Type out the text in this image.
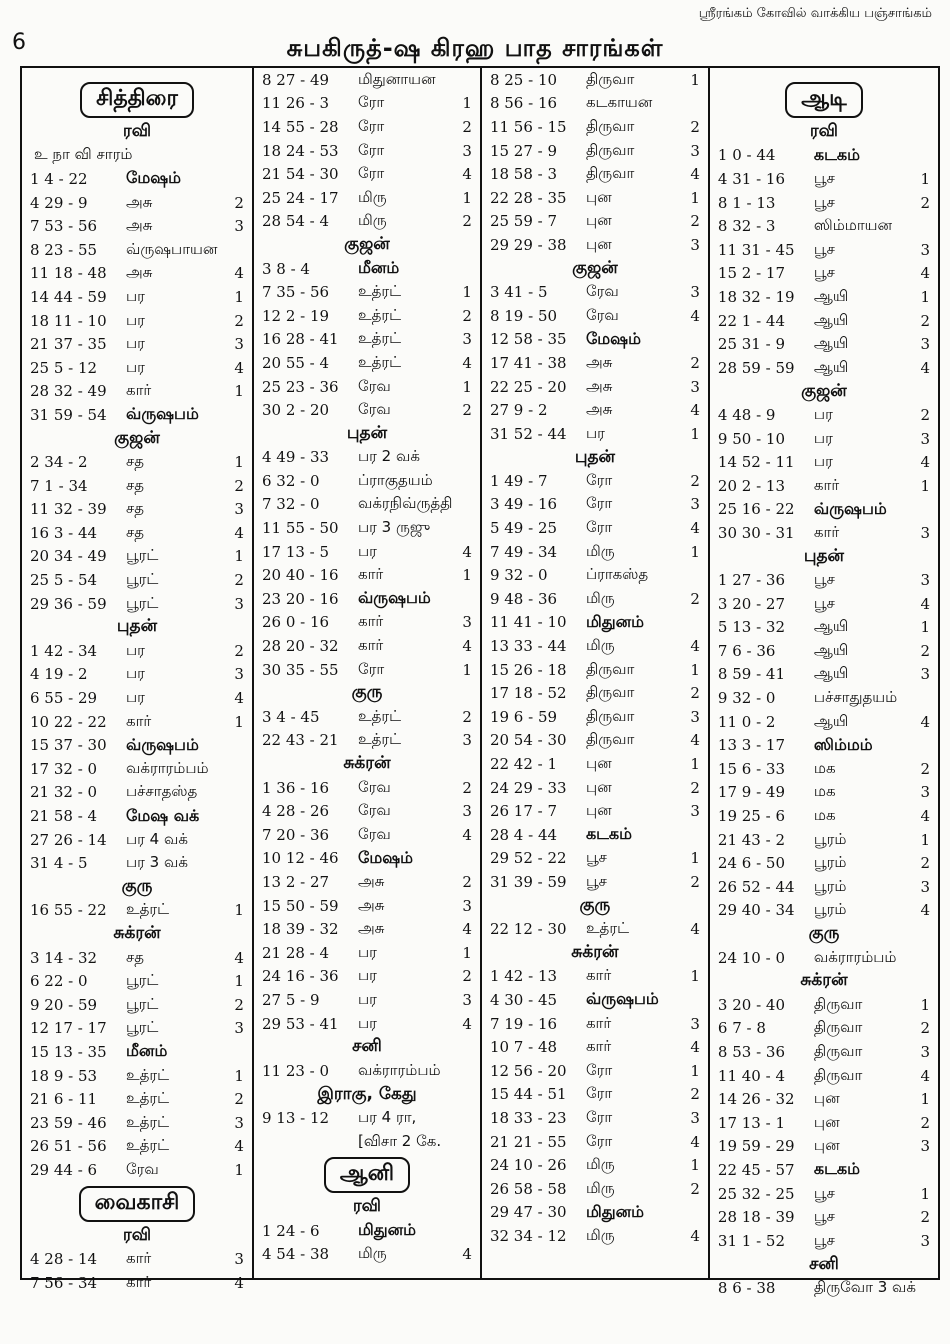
6
ஸ்ரீரங்கம் கோவில் வாக்கிய பஞ்சாங்கம்
சுபகிருத்-ஷ கிரஹ பாத சாரங்கள்
சித்திரை
ரவி
உ நா வி சாரம்
1 4 - 22	மேஷம்
4 29 - 9	அசு	2
7 53 - 56	அசு	3
8 23 - 55	வ்ருஷபாயன
11 18 - 48	அசு	4
14 44 - 59	பர	1
18 11 - 10	பர	2
21 37 - 35	பர	3
25 5 - 12	பர	4
28 32 - 49	கார்	1
31 59 - 54	வ்ருஷபம்
குஜன்
2 34 - 2	சத	1
7 1 - 34	சத	2
11 32 - 39	சத	3
16 3 - 44	சத	4
20 34 - 49	பூரட்	1
25 5 - 54	பூரட்	2
29 36 - 59	பூரட்	3
புதன்
1 42 - 34	பர	2
4 19 - 2	பர	3
6 55 - 29	பர	4
10 22 - 22	கார்	1
15 37 - 30	வ்ருஷபம்
17 32 - 0	வக்ராரம்பம்
21 32 - 0	பச்சாதஸ்த
21 58 - 4	மேஷ வக்
27 26 - 14	பர 4 வக்
31 4 - 5	பர 3 வக்
குரு
16 55 - 22	உத்ரட்	1
சுக்ரன்
3 14 - 32	சத	4
6 22 - 0	பூரட்	1
9 20 - 59	பூரட்	2
12 17 - 17	பூரட்	3
15 13 - 35	மீனம்
18 9 - 53	உத்ரட்	1
21 6 - 11	உத்ரட்	2
23 59 - 46	உத்ரட்	3
26 51 - 56	உத்ரட்	4
29 44 - 6	ரேவ	1
வைகாசி
ரவி
4 28 - 14	கார்	3
7 56 - 34	கார்	4
8 27 - 49	மிதுனாயன
11 26 - 3	ரோ	1
14 55 - 28	ரோ	2
18 24 - 53	ரோ	3
21 54 - 30	ரோ	4
25 24 - 17	மிரு	1
28 54 - 4	மிரு	2
குஜன்
3 8 - 4	மீனம்
7 35 - 56	உத்ரட்	1
12 2 - 19	உத்ரட்	2
16 28 - 41	உத்ரட்	3
20 55 - 4	உத்ரட்	4
25 23 - 36	ரேவ	1
30 2 - 20	ரேவ	2
புதன்
4 49 - 33	பர 2 வக்
6 32 - 0	ப்ராகுதயம்
7 32 - 0	வக்ரநிவ்ருத்தி
11 55 - 50	பர 3 ருஜு
17 13 - 5	பர	4
20 40 - 16	கார்	1
23 20 - 16	வ்ருஷபம்
26 0 - 16	கார்	3
28 20 - 32	கார்	4
30 35 - 55	ரோ	1
குரு
3 4 - 45	உத்ரட்	2
22 43 - 21	உத்ரட்	3
சுக்ரன்
1 36 - 16	ரேவ	2
4 28 - 26	ரேவ	3
7 20 - 36	ரேவ	4
10 12 - 46	மேஷம்
13 2 - 27	அசு	2
15 50 - 59	அசு	3
18 39 - 32	அசு	4
21 28 - 4	பர	1
24 16 - 36	பர	2
27 5 - 9	பர	3
29 53 - 41	பர	4
சனி
11 23 - 0	வக்ராரம்பம்
இராகு, கேது
9 13 - 12	பர 4 ரா,
[விசா 2 கே.
ஆனி
ரவி
1 24 - 6	மிதுனம்
4 54 - 38	மிரு	4
8 25 - 10	திருவா	1
8 56 - 16	கடகாயன
11 56 - 15	திருவா	2
15 27 - 9	திருவா	3
18 58 - 3	திருவா	4
22 28 - 35	புன	1
25 59 - 7	புன	2
29 29 - 38	புன	3
குஜன்
3 41 - 5	ரேவ	3
8 19 - 50	ரேவ	4
12 58 - 35	மேஷம்
17 41 - 38	அசு	2
22 25 - 20	அசு	3
27 9 - 2	அசு	4
31 52 - 44	பர	1
புதன்
1 49 - 7	ரோ	2
3 49 - 16	ரோ	3
5 49 - 25	ரோ	4
7 49 - 34	மிரு	1
9 32 - 0	ப்ராகஸ்த
9 48 - 36	மிரு	2
11 41 - 10	மிதுனம்
13 33 - 44	மிரு	4
15 26 - 18	திருவா	1
17 18 - 52	திருவா	2
19 6 - 59	திருவா	3
20 54 - 30	திருவா	4
22 42 - 1	புன	1
24 29 - 33	புன	2
26 17 - 7	புன	3
28 4 - 44	கடகம்
29 52 - 22	பூச	1
31 39 - 59	பூச	2
குரு
22 12 - 30	உத்ரட்	4
சுக்ரன்
1 42 - 13	கார்	1
4 30 - 45	வ்ருஷபம்
7 19 - 16	கார்	3
10 7 - 48	கார்	4
12 56 - 20	ரோ	1
15 44 - 51	ரோ	2
18 33 - 23	ரோ	3
21 21 - 55	ரோ	4
24 10 - 26	மிரு	1
26 58 - 58	மிரு	2
29 47 - 30	மிதுனம்
32 34 - 12	மிரு	4
ஆடி
ரவி
1 0 - 44	கடகம்
4 31 - 16	பூச	1
8 1 - 13	பூச	2
8 32 - 3	ஸிம்மாயன
11 31 - 45	பூச	3
15 2 - 17	பூச	4
18 32 - 19	ஆயி	1
22 1 - 44	ஆயி	2
25 31 - 9	ஆயி	3
28 59 - 59	ஆயி	4
குஜன்
4 48 - 9	பர	2
9 50 - 10	பர	3
14 52 - 11	பர	4
20 2 - 13	கார்	1
25 16 - 22	வ்ருஷபம்
30 30 - 31	கார்	3
புதன்
1 27 - 36	பூச	3
3 20 - 27	பூச	4
5 13 - 32	ஆயி	1
7 6 - 36	ஆயி	2
8 59 - 41	ஆயி	3
9 32 - 0	பச்சாதுதயம்
11 0 - 2	ஆயி	4
13 3 - 17	ஸிம்மம்
15 6 - 33	மக	2
17 9 - 49	மக	3
19 25 - 6	மக	4
21 43 - 2	பூரம்	1
24 6 - 50	பூரம்	2
26 52 - 44	பூரம்	3
29 40 - 34	பூரம்	4
குரு
24 10 - 0	வக்ராரம்பம்
சுக்ரன்
3 20 - 40	திருவா	1
6 7 - 8	திருவா	2
8 53 - 36	திருவா	3
11 40 - 4	திருவா	4
14 26 - 32	புன	1
17 13 - 1	புன	2
19 59 - 29	புன	3
22 45 - 57	கடகம்
25 32 - 25	பூச	1
28 18 - 39	பூச	2
31 1 - 52	பூச	3
சனி
8 6 - 38	திருவோ 3 வக்
